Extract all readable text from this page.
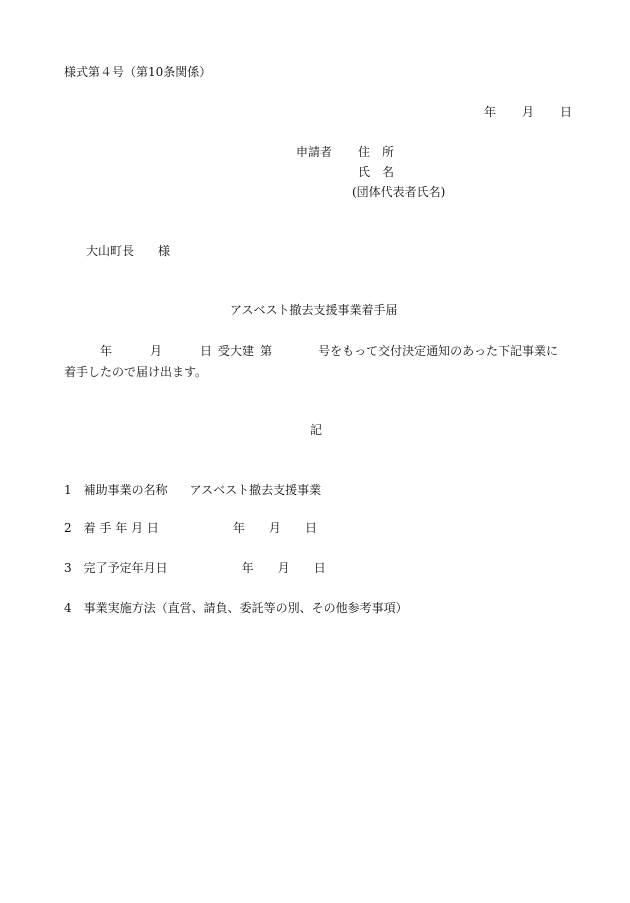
様式第４号（第10条関係）
年 月 日
申請者 住　所
氏　名
(団体代表者氏名)
大山町長 様
アスベスト撤去支援事業着手届
年	月	日 受大建 第	号をもって交付決定通知のあった下記事業に
着手したので届け出ます。
記
1 補助事業の名称 アスベスト撤去支援事業
2 着 手 年 月 日	年 月 日
3 完了予定年月日	年 月 日
4 事業実施方法（直営、請負、委託等の別、その他参考事項）
